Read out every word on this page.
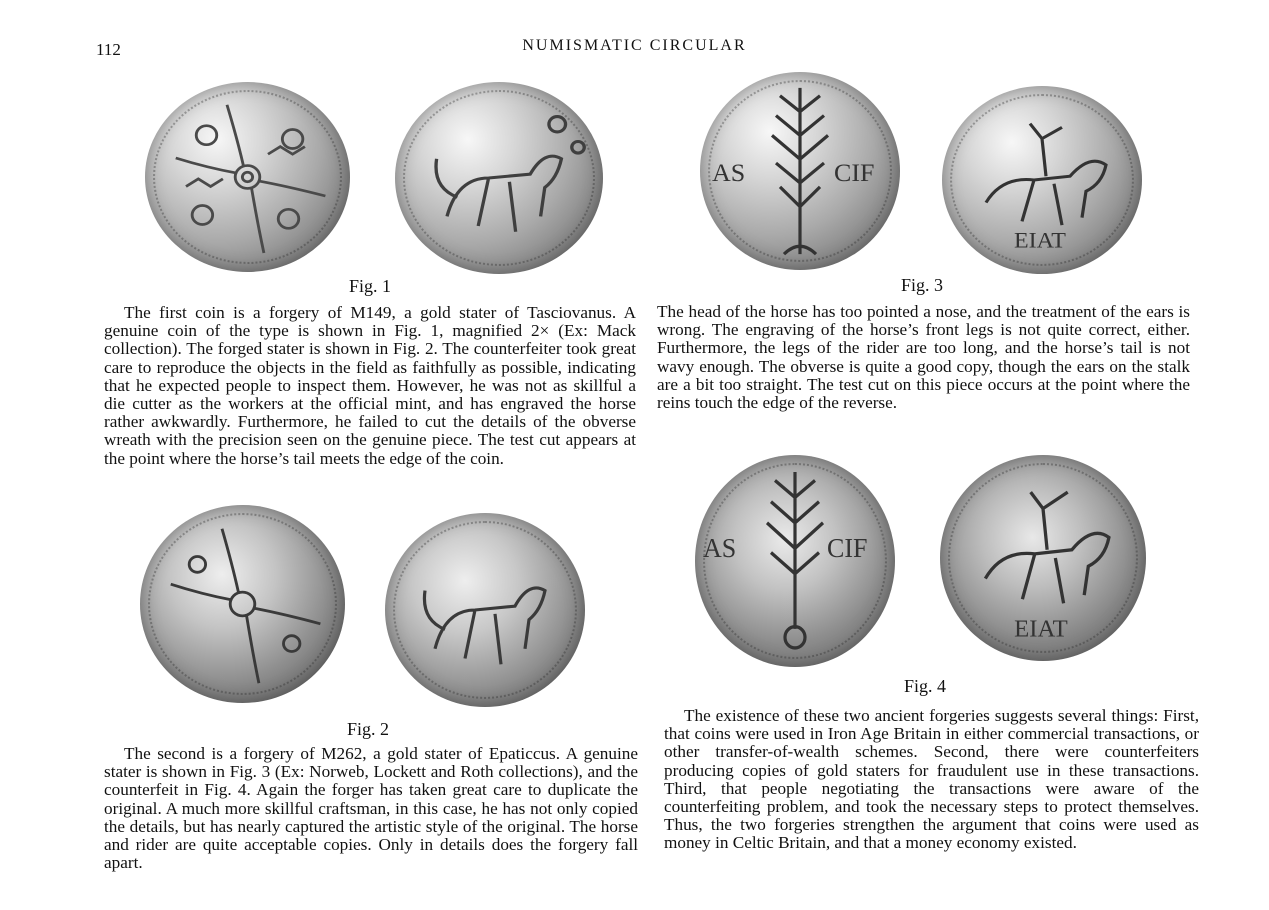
112	NUMISMATIC CIRCULAR
Fig. 1
AS	CIF
EIAT
Fig. 3

The first coin is a forgery of M149, a gold stater of Tasciovanus. A genuine coin of the type is shown in Fig. 1, magnified 2× (Ex: Mack collection). The forged stater is shown in Fig. 2. The counterfeiter took great care to reproduce the objects in the field as faithfully as possible, indicating that he expected people to inspect them. However, he was not as skillful a die cutter as the workers at the official mint, and has engraved the horse rather awkwardly. Furthermore, he failed to cut the details of the obverse wreath with the precision seen on the genuine piece. The test cut appears at the point where the horse’s tail meets the edge of the coin.

The head of the horse has too pointed a nose, and the treatment of the ears is wrong. The engraving of the horse’s front legs is not quite correct, either. Furthermore, the legs of the rider are too long, and the horse’s tail is not wavy enough. The obverse is quite a good copy, though the ears on the stalk are a bit too straight. The test cut on this piece occurs at the point where the reins touch the edge of the reverse.

Fig. 2
AS	CIF
EIAT
Fig. 4

The second is a forgery of M262, a gold stater of Epaticcus. A genuine stater is shown in Fig. 3 (Ex: Norweb, Lockett and Roth collections), and the counterfeit in Fig. 4. Again the forger has taken great care to duplicate the original. A much more skillful craftsman, in this case, he has not only copied the details, but has nearly captured the artistic style of the original. The horse and rider are quite acceptable copies. Only in details does the forgery fall apart.

The existence of these two ancient forgeries suggests several things: First, that coins were used in Iron Age Britain in either commercial transactions, or other transfer-of-wealth schemes. Second, there were counterfeiters producing copies of gold staters for fraudulent use in these transactions. Third, that people negotiating the transactions were aware of the counterfeiting problem, and took the necessary steps to protect themselves. Thus, the two forgeries strengthen the argument that coins were used as money in Celtic Britain, and that a money economy existed.
